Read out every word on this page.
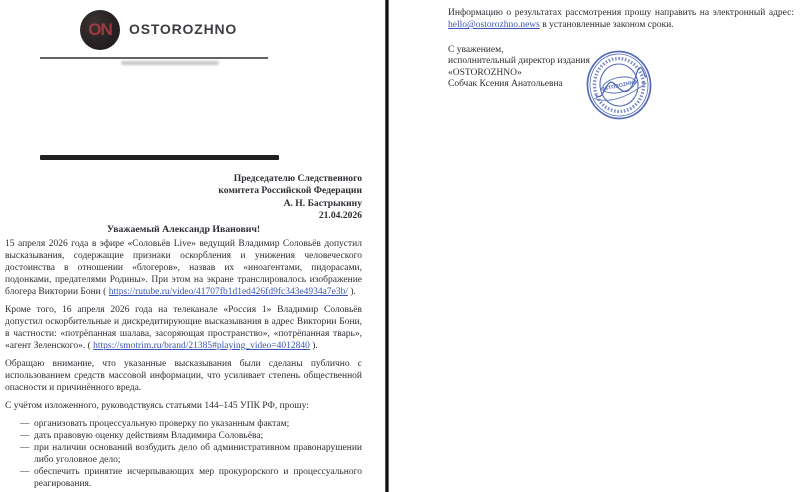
ON OSTOROZHNO
Председателю Следственного
комитета Российской Федерации
А. Н. Бастрыкину
21.04.2026
Уважаемый Александр Иванович!

15 апреля 2026 года в эфире «Соловьёв Live» ведущий Владимир Соловьёв допустил высказывания, содержащие признаки оскорбления и унижения человеческого достоинства в отношении «блогеров», назвав их «иноагентами, пидорасами, подонками, предателями Родины». При этом на экране транслировалось изображение блогера Виктории Бони ( https://rutube.ru/video/41707fb1d1ed426fd9fc343e4934a7e3b/ ).

Кроме того, 16 апреля 2026 года на телеканале «Россия 1» Владимир Соловьёв допустил оскорбительные и дискредитирующие высказывания в адрес Виктории Бони, в частности: «потрёпанная шалава, засоряющая пространство», «потрёпанная тварь», «агент Зеленского». ( https://smotrim.ru/brand/21385#playing_video=4012840 ).

Обращаю внимание, что указанные высказывания были сделаны публично с использованием средств массовой информации, что усиливает степень общественной опасности и причинённого вреда.

С учётом изложенного, руководствуясь статьями 144–145 УПК РФ, прошу:

— организовать процессуальную проверку по указанным фактам;
— дать правовую оценку действиям Владимира Соловьёва;
— при наличии оснований возбудить дело об административном правонарушении либо уголовное дело;
— обеспечить принятие исчерпывающих мер прокурорского и процессуального реагирования.
Информацию о результатах рассмотрения прошу направить на электронный адрес: hello@ostorozhno.news в установленные законом сроки.
С уважением,
исполнительный директор издания
«OSTOROZHNO»
Собчак Ксения Анатольевна	OSTOROZHNO
